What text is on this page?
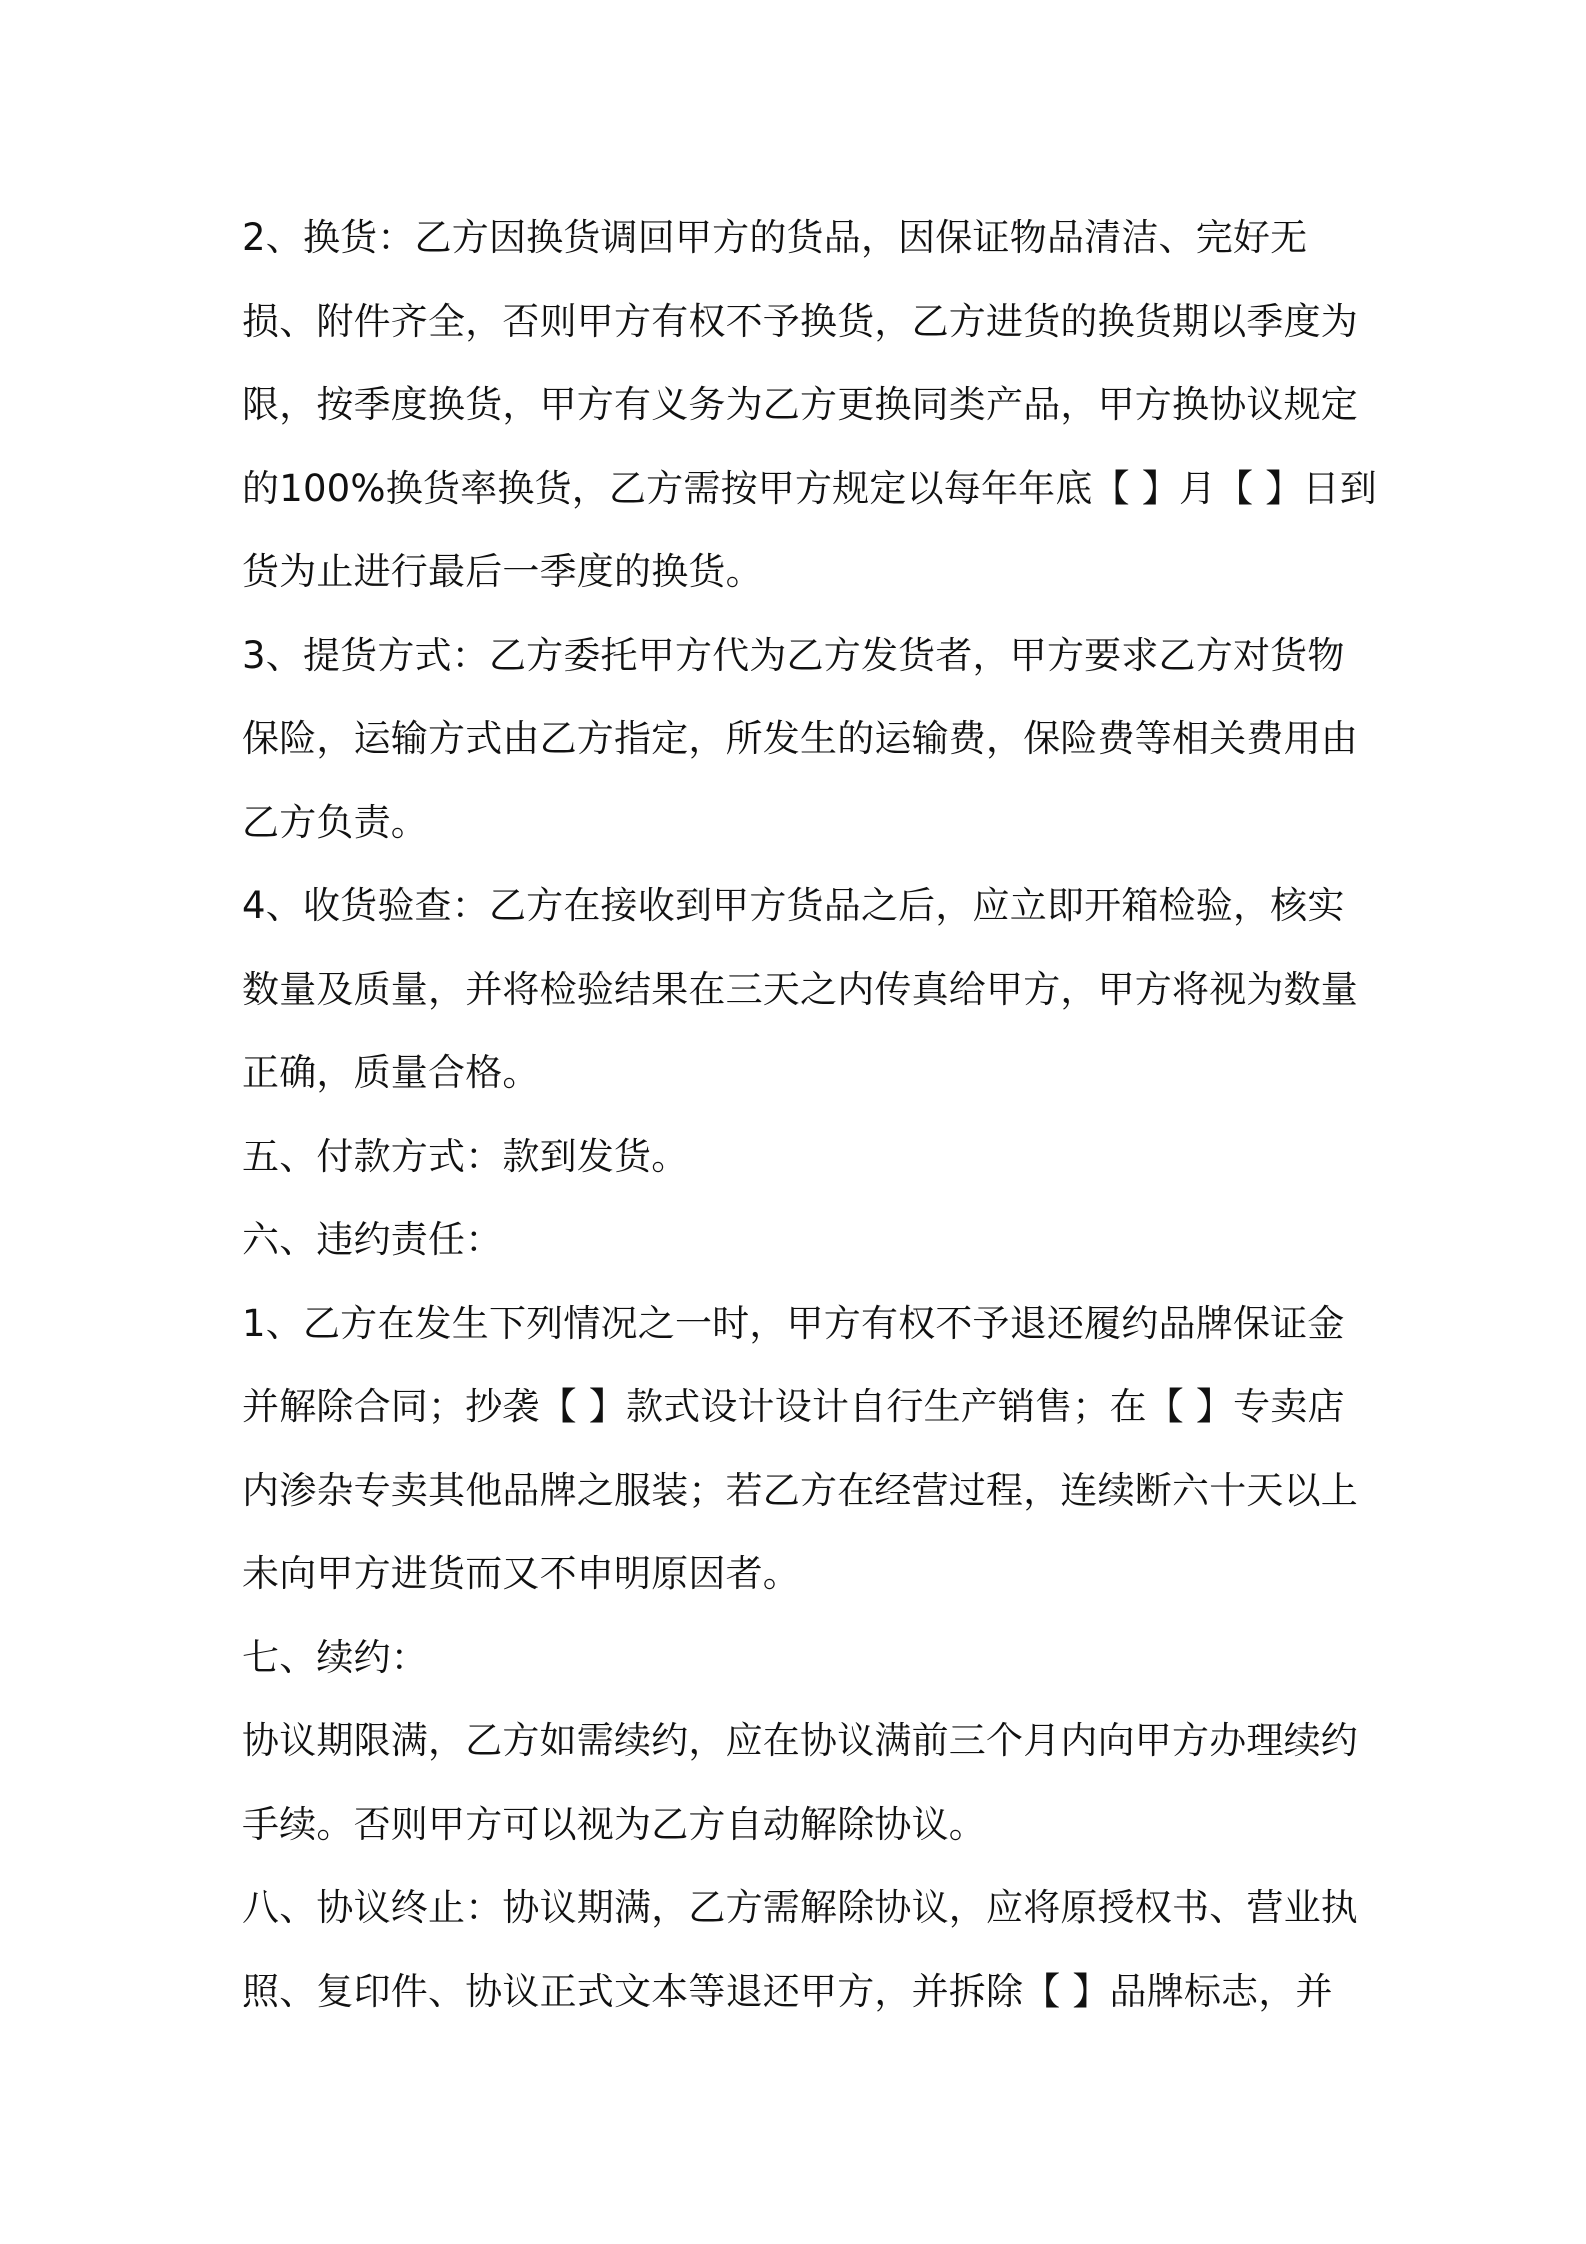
2、换货：乙方因换货调回甲方的货品，因保证物品清洁、完好无损、附件齐全，否则甲方有权不予换货，乙方进货的换货期以季度为限，按季度换货，甲方有义务为乙方更换同类产品，甲方换协议规定的100%换货率换货，乙方需按甲方规定以每年年底【 】月【 】日到货为止进行最后一季度的换货。

3、提货方式：乙方委托甲方代为乙方发货者，甲方要求乙方对货物保险，运输方式由乙方指定，所发生的运输费，保险费等相关费用由乙方负责。

4、收货验查：乙方在接收到甲方货品之后，应立即开箱检验，核实数量及质量，并将检验结果在三天之内传真给甲方，甲方将视为数量正确，质量合格。

五、付款方式：款到发货。

六、违约责任：

1、乙方在发生下列情况之一时，甲方有权不予退还履约品牌保证金并解除合同；抄袭【 】款式设计设计自行生产销售；在【 】专卖店内渗杂专卖其他品牌之服装；若乙方在经营过程，连续断六十天以上未向甲方进货而又不申明原因者。

七、续约：

协议期限满，乙方如需续约，应在协议满前三个月内向甲方办理续约手续。否则甲方可以视为乙方自动解除协议。

八、协议终止：协议期满，乙方需解除协议，应将原授权书、营业执照、复印件、协议正式文本等退还甲方，并拆除【 】品牌标志，并
